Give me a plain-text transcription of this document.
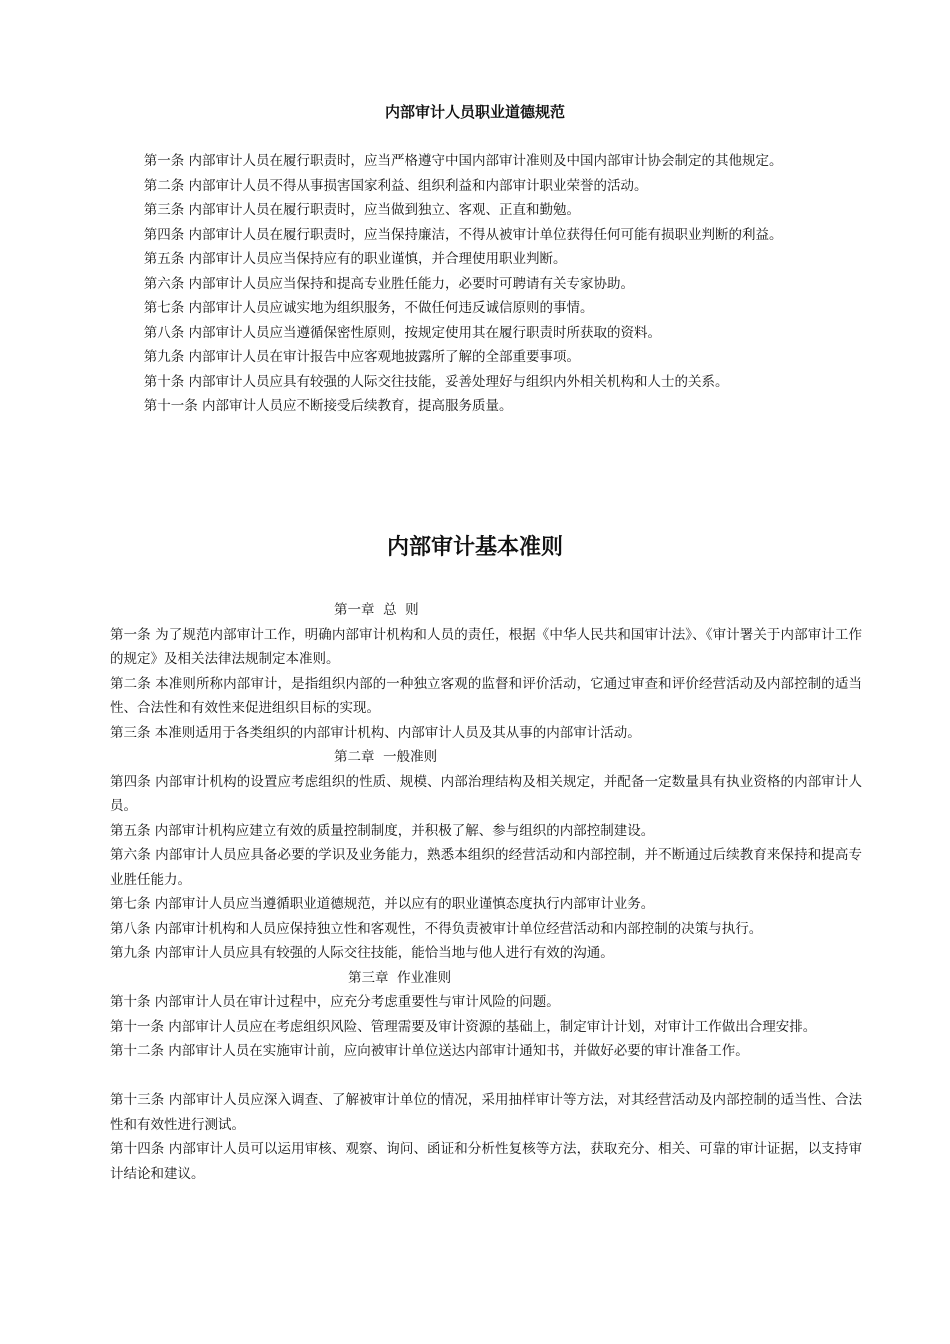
内部审计人员职业道德规范

第一条 内部审计人员在履行职责时，应当严格遵守中国内部审计准则及中国内部审计协会制定的其他规定。

第二条 内部审计人员不得从事损害国家利益、组织利益和内部审计职业荣誉的活动。

第三条 内部审计人员在履行职责时，应当做到独立、客观、正直和勤勉。

第四条 内部审计人员在履行职责时，应当保持廉洁，不得从被审计单位获得任何可能有损职业判断的利益。

第五条 内部审计人员应当保持应有的职业谨慎，并合理使用职业判断。

第六条 内部审计人员应当保持和提高专业胜任能力，必要时可聘请有关专家协助。

第七条 内部审计人员应诚实地为组织服务，不做任何违反诚信原则的事情。

第八条 内部审计人员应当遵循保密性原则，按规定使用其在履行职责时所获取的资料。

第九条 内部审计人员在审计报告中应客观地披露所了解的全部重要事项。

第十条 内部审计人员应具有较强的人际交往技能，妥善处理好与组织内外相关机构和人士的关系。

第十一条 内部审计人员应不断接受后续教育，提高服务质量。

内部审计基本准则

第一章  总  则

第一条 为了规范内部审计工作，明确内部审计机构和人员的责任，根据《中华人民共和国审计法》、《审计署关于内部审计工作的规定》及相关法律法规制定本准则。

第二条 本准则所称内部审计，是指组织内部的一种独立客观的监督和评价活动，它通过审查和评价经营活动及内部控制的适当性、合法性和有效性来促进组织目标的实现。

第三条 本准则适用于各类组织的内部审计机构、内部审计人员及其从事的内部审计活动。

第二章  一般准则

第四条 内部审计机构的设置应考虑组织的性质、规模、内部治理结构及相关规定，并配备一定数量具有执业资格的内部审计人员。

第五条 内部审计机构应建立有效的质量控制制度，并积极了解、参与组织的内部控制建设。

第六条 内部审计人员应具备必要的学识及业务能力，熟悉本组织的经营活动和内部控制，并不断通过后续教育来保持和提高专业胜任能力。

第七条 内部审计人员应当遵循职业道德规范，并以应有的职业谨慎态度执行内部审计业务。

第八条 内部审计机构和人员应保持独立性和客观性，不得负责被审计单位经营活动和内部控制的决策与执行。

第九条 内部审计人员应具有较强的人际交往技能，能恰当地与他人进行有效的沟通。

第三章  作业准则

第十条 内部审计人员在审计过程中，应充分考虑重要性与审计风险的问题。

第十一条 内部审计人员应在考虑组织风险、管理需要及审计资源的基础上，制定审计计划，对审计工作做出合理安排。

第十二条 内部审计人员在实施审计前，应向被审计单位送达内部审计通知书，并做好必要的审计准备工作。

第十三条 内部审计人员应深入调查、了解被审计单位的情况，采用抽样审计等方法，对其经营活动及内部控制的适当性、合法性和有效性进行测试。

第十四条 内部审计人员可以运用审核、观察、询问、函证和分析性复核等方法，获取充分、相关、可靠的审计证据，以支持审计结论和建议。
